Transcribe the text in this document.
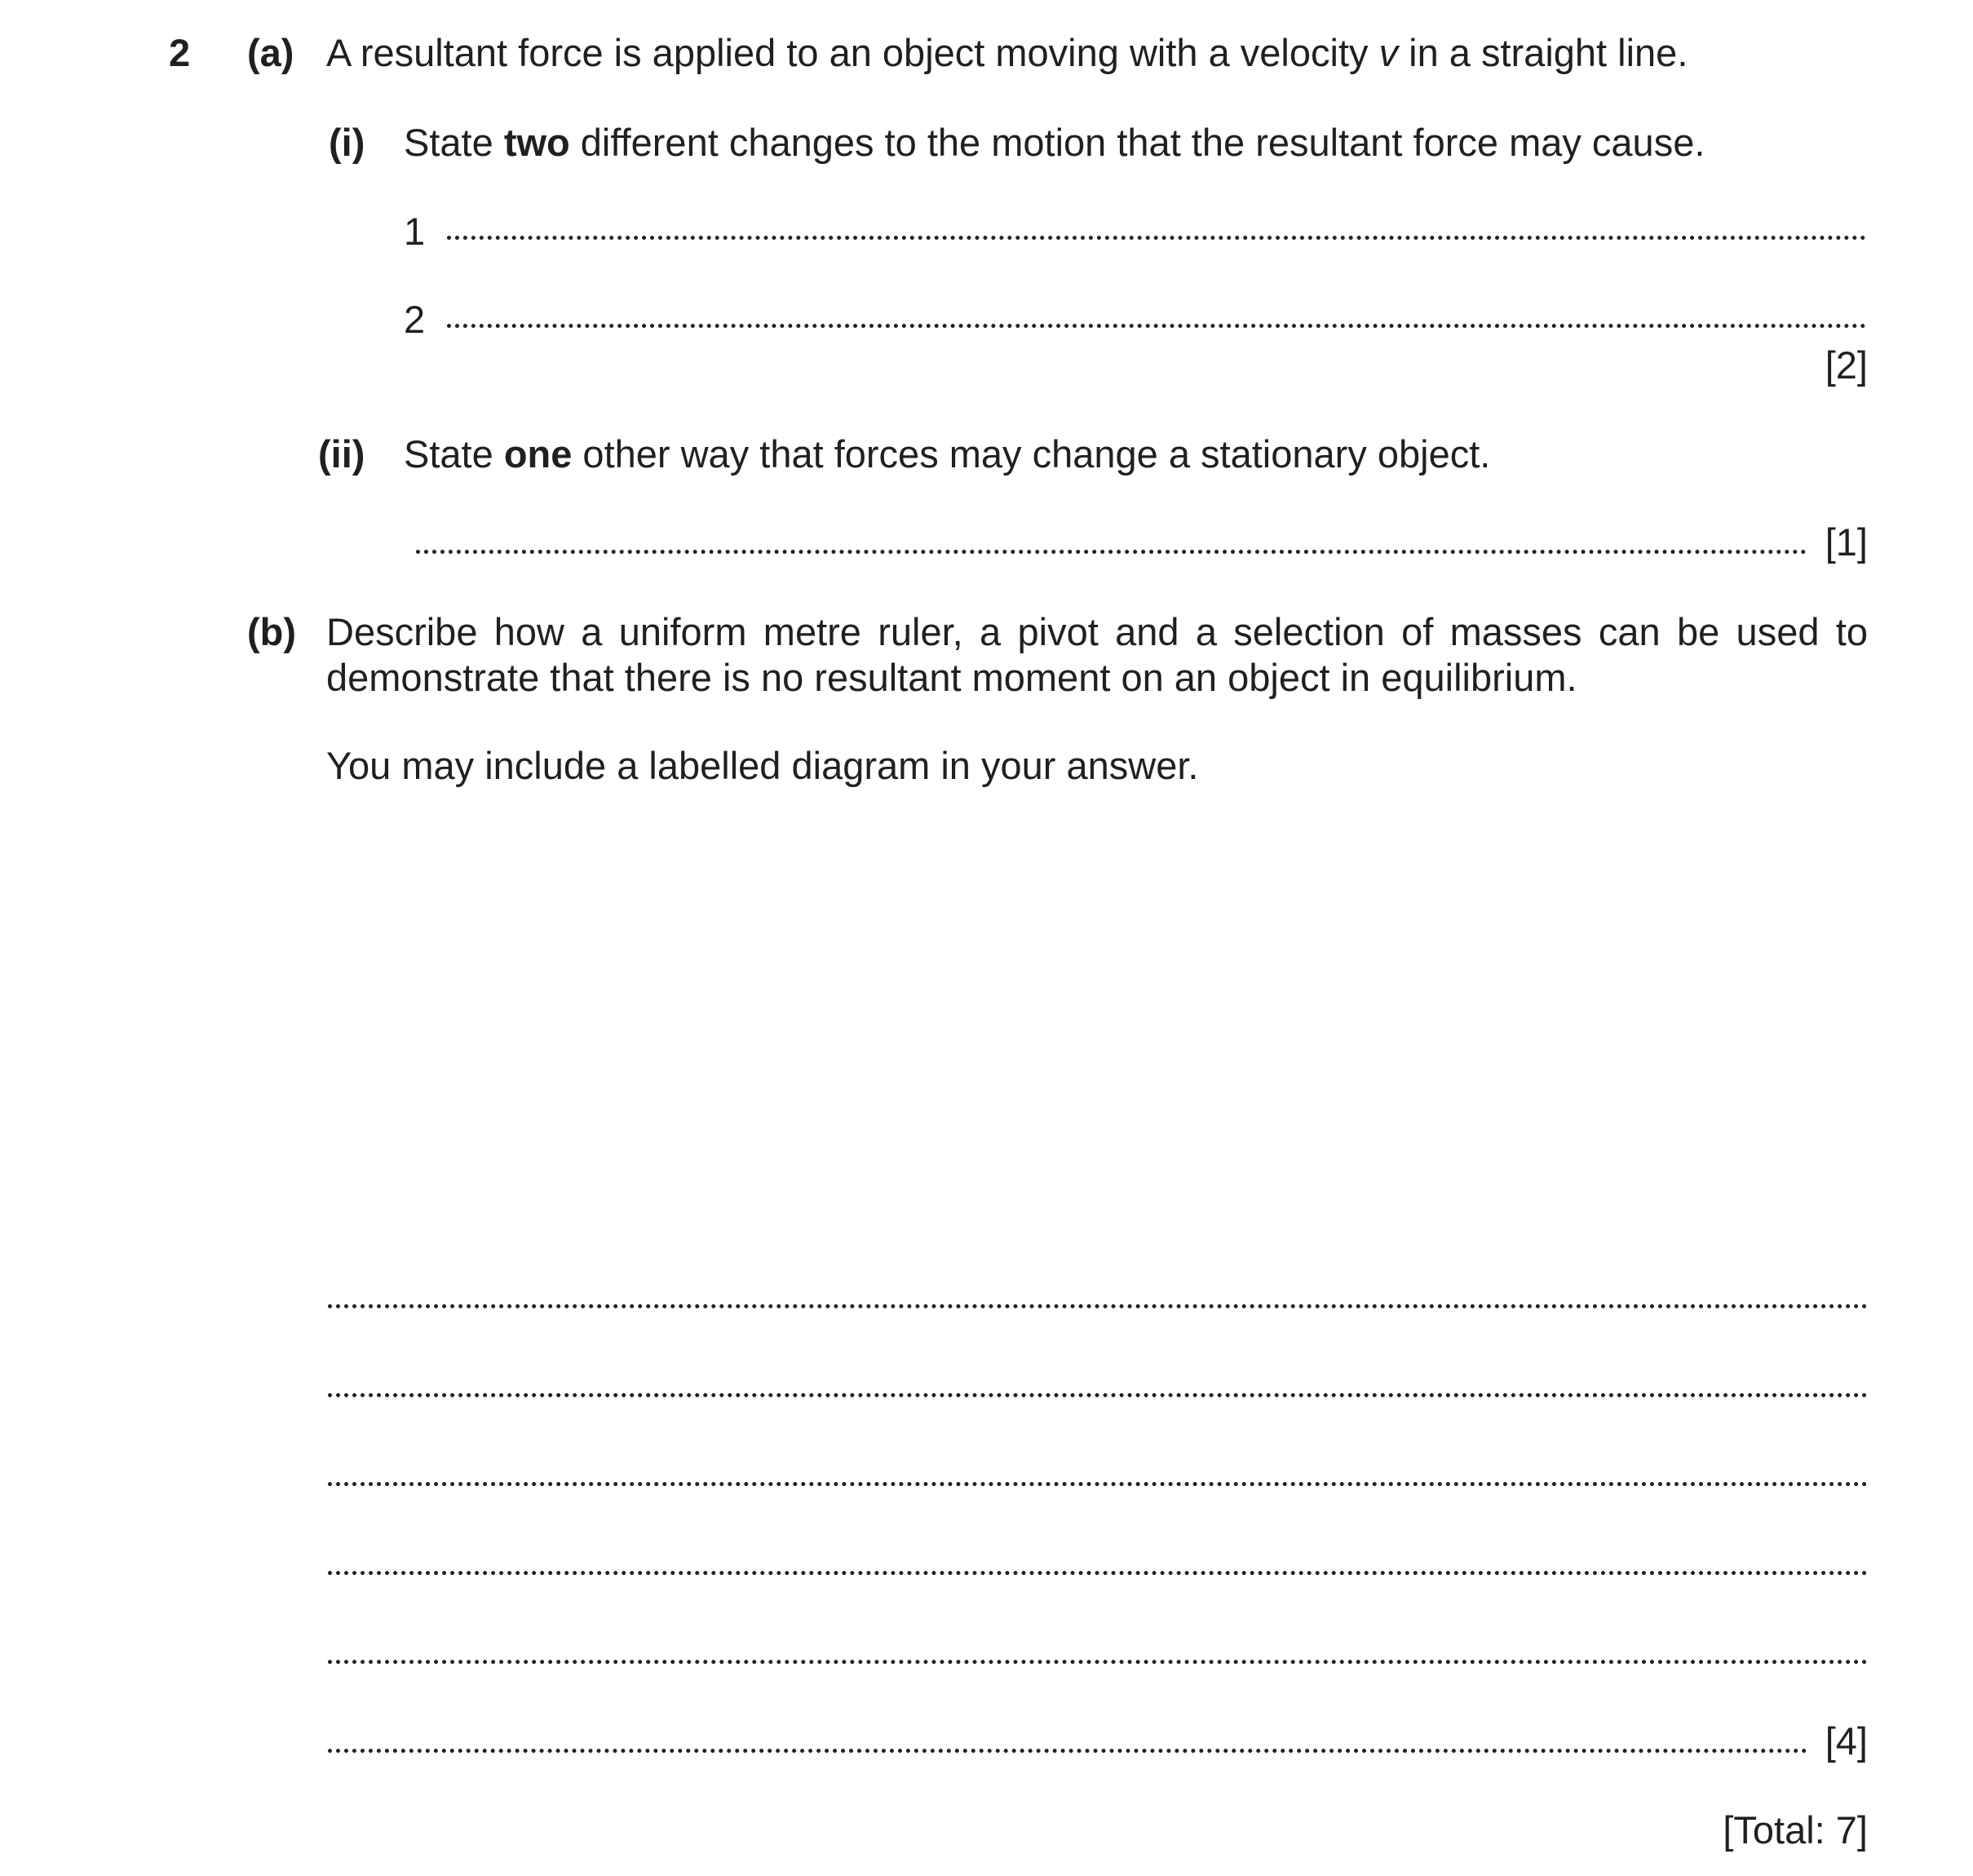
2 (a) A resultant force is applied to an object moving with a velocity v in a straight line.
(i) State two different changes to the motion that the resultant force may cause.
1
2
[2]
(ii) State one other way that forces may change a stationary object.
[1]
(b) Describe how a uniform metre ruler, a pivot and a selection of masses can be used to demonstrate that there is no resultant moment on an object in equilibrium.
You may include a labelled diagram in your answer.
[4]
[Total: 7]
